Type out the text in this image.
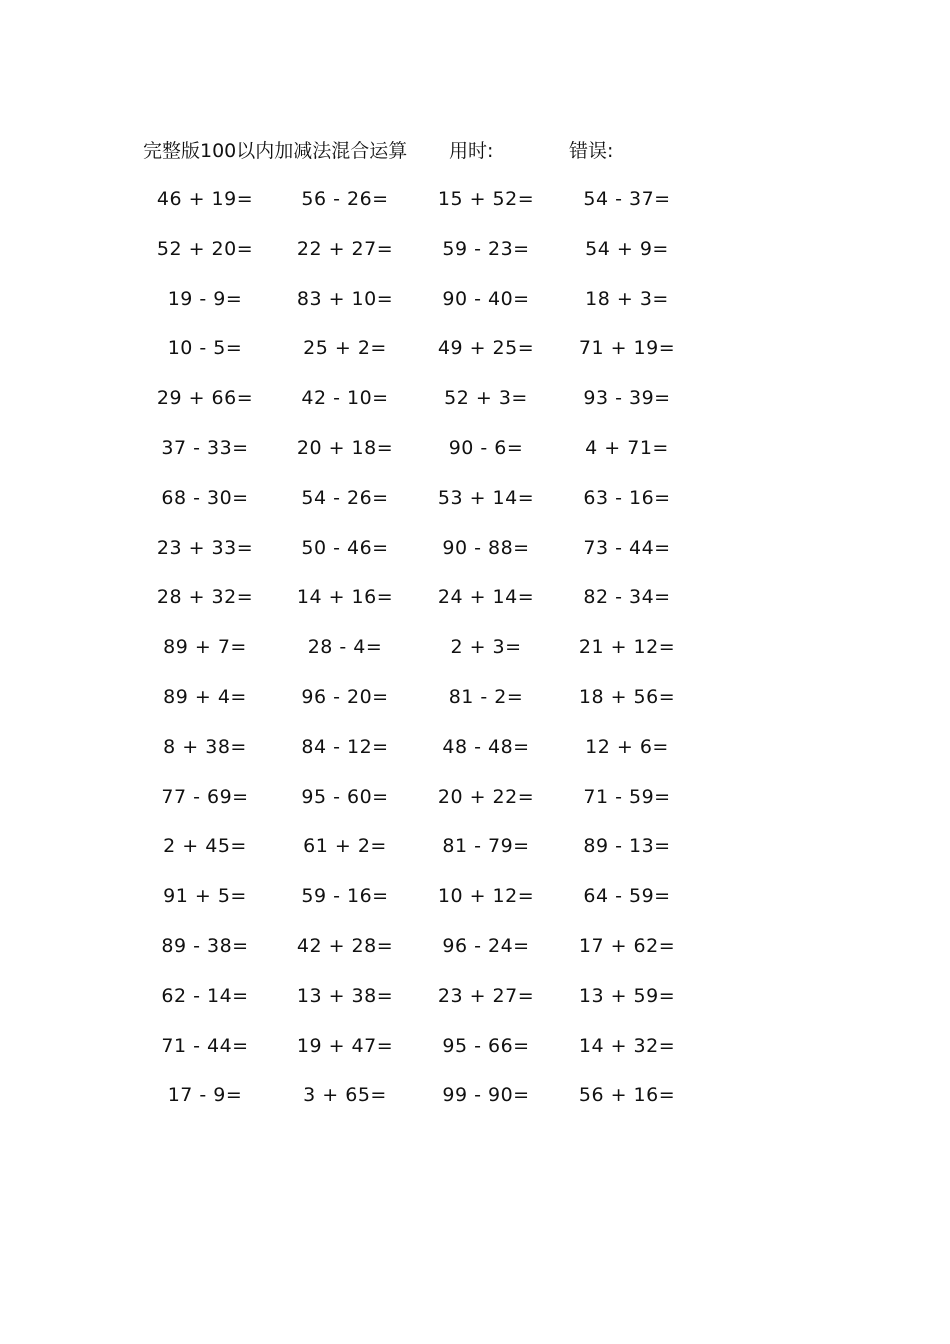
完整版100以内加减法混合运算 用时:	错误:
46 + 19=	56 - 26=	15 + 52=	54 - 37=
52 + 20=	22 + 27=	59 - 23=	54 + 9=
19 - 9=	83 + 10=	90 - 40=	18 + 3=
10 - 5=	25 + 2=	49 + 25=	71 + 19=
29 + 66=	42 - 10=	52 + 3=	93 - 39=
37 - 33=	20 + 18=	90 - 6=	4 + 71=
68 - 30=	54 - 26=	53 + 14=	63 - 16=
23 + 33=	50 - 46=	90 - 88=	73 - 44=
28 + 32=	14 + 16=	24 + 14=	82 - 34=
89 + 7=	28 - 4=	2 + 3=	21 + 12=
89 + 4=	96 - 20=	81 - 2=	18 + 56=
8 + 38=	84 - 12=	48 - 48=	12 + 6=
77 - 69=	95 - 60=	20 + 22=	71 - 59=
2 + 45=	61 + 2=	81 - 79=	89 - 13=
91 + 5=	59 - 16=	10 + 12=	64 - 59=
89 - 38=	42 + 28=	96 - 24=	17 + 62=
62 - 14=	13 + 38=	23 + 27=	13 + 59=
71 - 44=	19 + 47=	95 - 66=	14 + 32=
17 - 9=	3 + 65=	99 - 90=	56 + 16=
